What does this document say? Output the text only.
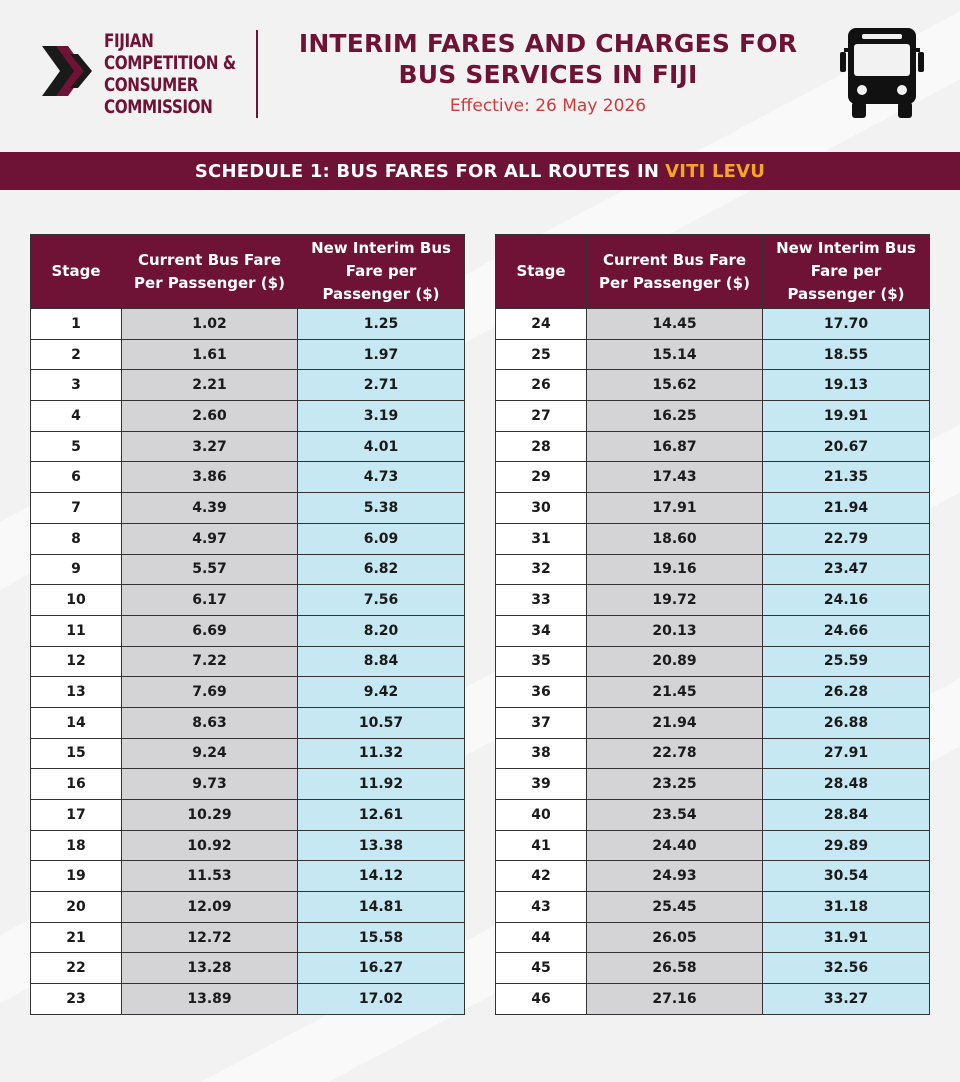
FIJIAN
COMPETITION &
CONSUMER
COMMISSION
INTERIM FARES AND CHARGES FOR
BUS SERVICES IN FIJI
Effective: 26 May 2026
SCHEDULE 1: BUS FARES FOR ALL ROUTES IN VITI LEVU
Stage	Current Bus Fare Per Passenger ($)	New Interim Bus Fare per Passenger ($)
1	1.02	1.25
2	1.61	1.97
3	2.21	2.71
4	2.60	3.19
5	3.27	4.01
6	3.86	4.73
7	4.39	5.38
8	4.97	6.09
9	5.57	6.82
10	6.17	7.56
11	6.69	8.20
12	7.22	8.84
13	7.69	9.42
14	8.63	10.57
15	9.24	11.32
16	9.73	11.92
17	10.29	12.61
18	10.92	13.38
19	11.53	14.12
20	12.09	14.81
21	12.72	15.58
22	13.28	16.27
23	13.89	17.02
Stage	Current Bus Fare Per Passenger ($)	New Interim Bus Fare per Passenger ($)
24	14.45	17.70
25	15.14	18.55
26	15.62	19.13
27	16.25	19.91
28	16.87	20.67
29	17.43	21.35
30	17.91	21.94
31	18.60	22.79
32	19.16	23.47
33	19.72	24.16
34	20.13	24.66
35	20.89	25.59
36	21.45	26.28
37	21.94	26.88
38	22.78	27.91
39	23.25	28.48
40	23.54	28.84
41	24.40	29.89
42	24.93	30.54
43	25.45	31.18
44	26.05	31.91
45	26.58	32.56
46	27.16	33.27
